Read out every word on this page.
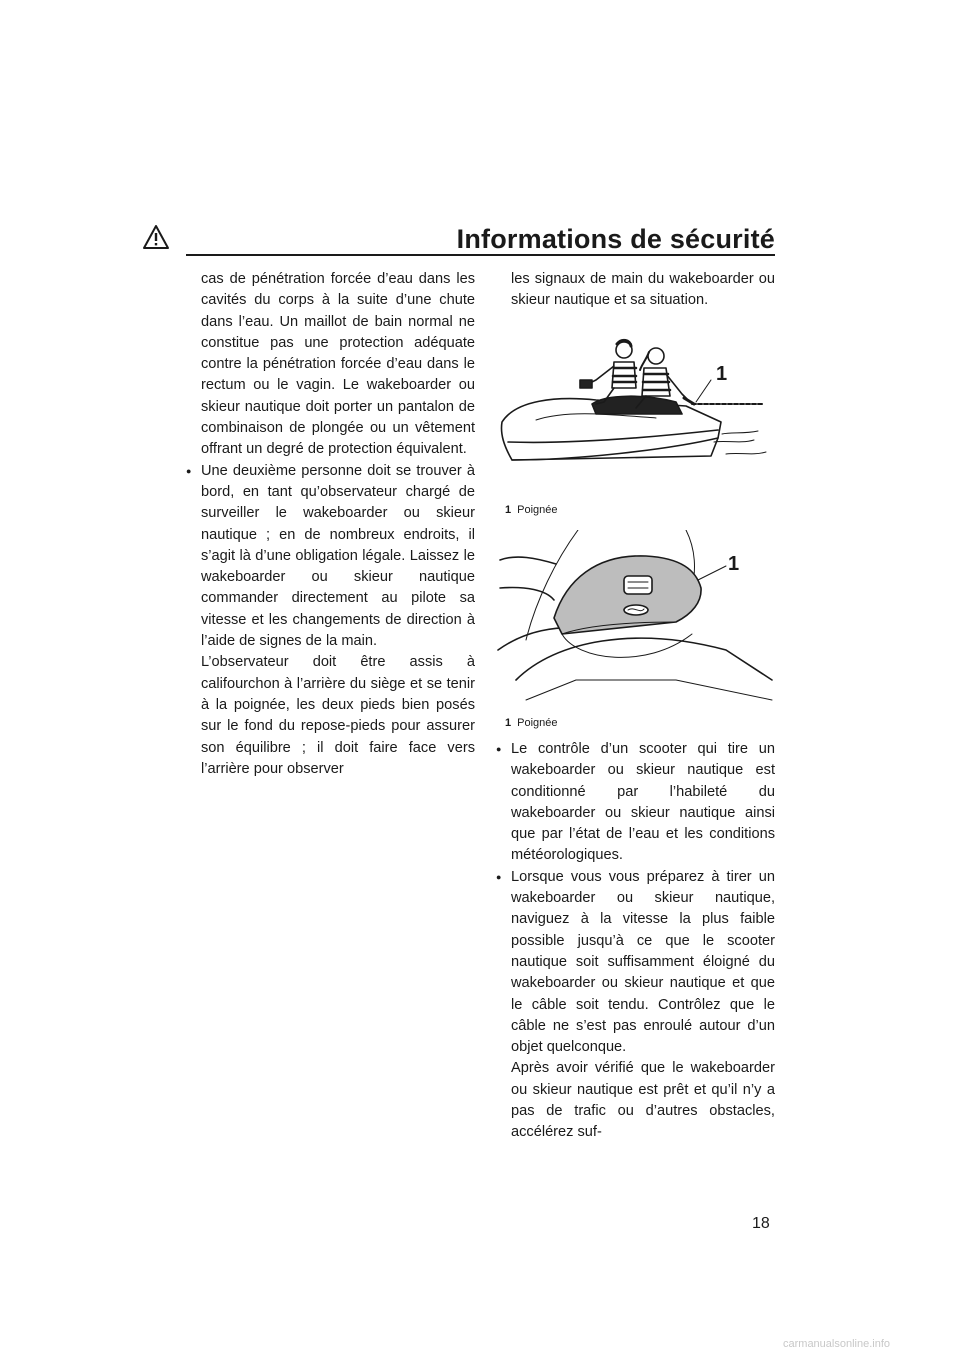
Informations de sécurité

cas de pénétration forcée d’eau dans les cavités du corps à la suite d’une chute dans l’eau. Un maillot de bain normal ne constitue pas une protection adéquate contre la pénétration forcée d’eau dans le rectum ou le vagin. Le wakeboarder ou skieur nautique doit porter un pantalon de combinaison de plongée ou un vêtement offrant un degré de protection équivalent.

● Une deuxième personne doit se trouver à bord, en tant qu’observateur chargé de surveiller le wakeboarder ou skieur nautique ; en de nombreux endroits, il s’agit là d’une obligation légale. Laissez le wakeboarder ou skieur nautique commander directement au pilote sa vitesse et les changements de direction à l’aide de signes de la main.

L’observateur doit être assis à califourchon à l’arrière du siège et se tenir à la poignée, les deux pieds bien posés sur le fond du repose-pieds pour assurer son équilibre ; il doit faire face vers l’arrière pour observer

les signaux de main du wakeboarder ou skieur nautique et sa situation.

1
1 Poignée
1
1 Poignée

● Le contrôle d’un scooter qui tire un wakeboarder ou skieur nautique est conditionné par l’habileté du wakeboarder ou skieur nautique ainsi que par l’état de l’eau et les conditions météorologiques.

● Lorsque vous vous préparez à tirer un wakeboarder ou skieur nautique, naviguez à la vitesse la plus faible possible jusqu’à ce que le scooter nautique soit suffisamment éloigné du wakeboarder ou skieur nautique et que le câble soit tendu. Contrôlez que le câble ne s’est pas enroulé autour d’un objet quelconque.

Après avoir vérifié que le wakeboarder ou skieur nautique est prêt et qu’il n’y a pas de trafic ou d’autres obstacles, accélérez suf-

18
carmanualsonline.info
